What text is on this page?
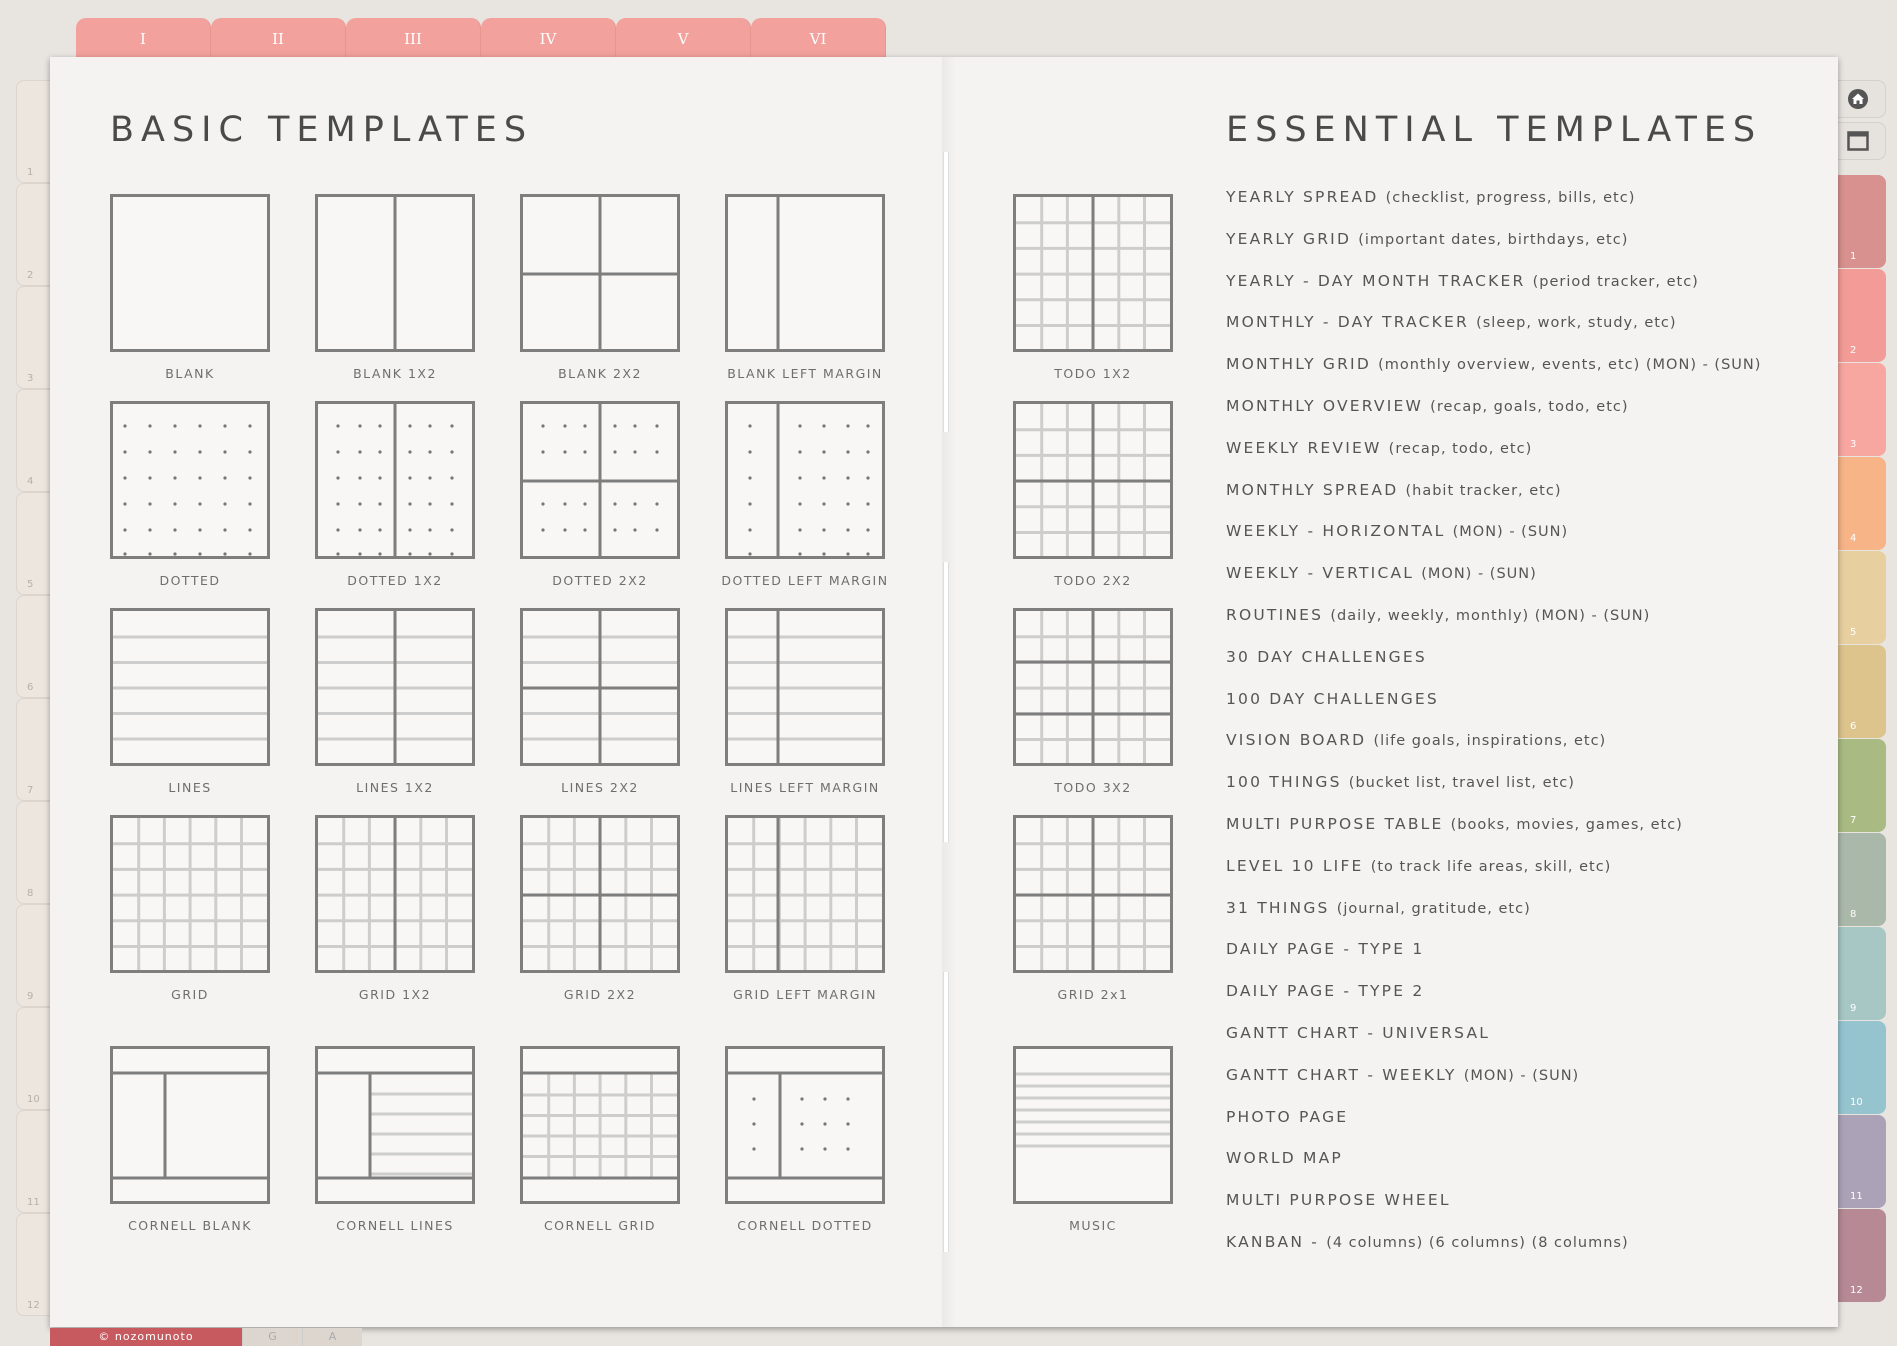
I	II	III	IV	V	VI
1
2
3
4
5
6
7
8
9
10
11
12
1
2
3
4
5
6
7
8
9
10
11
12
BASIC TEMPLATES	ESSENTIAL TEMPLATES
BLANK	BLANK 1X2	BLANK 2X2	BLANK LEFT MARGIN
DOTTED	DOTTED 1X2	DOTTED 2X2	DOTTED LEFT MARGIN
LINES	LINES 1X2	LINES 2X2	LINES LEFT MARGIN
GRID	GRID 1X2	GRID 2X2	GRID LEFT MARGIN
CORNELL BLANK	CORNELL LINES	CORNELL GRID	CORNELL DOTTED
TODO 1X2
TODO 2X2
TODO 3X2
GRID 2x1
MUSIC
YEARLY SPREAD (checklist, progress, bills, etc)
YEARLY GRID (important dates, birthdays, etc)
YEARLY - DAY MONTH TRACKER (period tracker, etc)
MONTHLY - DAY TRACKER (sleep, work, study, etc)
MONTHLY GRID (monthly overview, events, etc) (MON) - (SUN)
MONTHLY OVERVIEW (recap, goals, todo, etc)
WEEKLY REVIEW (recap, todo, etc)
MONTHLY SPREAD (habit tracker, etc)
WEEKLY - HORIZONTAL (MON) - (SUN)
WEEKLY - VERTICAL (MON) - (SUN)
ROUTINES (daily, weekly, monthly) (MON) - (SUN)
30 DAY CHALLENGES
100 DAY CHALLENGES
VISION BOARD (life goals, inspirations, etc)
100 THINGS (bucket list, travel list, etc)
MULTI PURPOSE TABLE (books, movies, games, etc)
LEVEL 10 LIFE (to track life areas, skill, etc)
31 THINGS (journal, gratitude, etc)
DAILY PAGE - TYPE 1
DAILY PAGE - TYPE 2
GANTT CHART - UNIVERSAL
GANTT CHART - WEEKLY (MON) - (SUN)
PHOTO PAGE
WORLD MAP
MULTI PURPOSE WHEEL
KANBAN - (4 columns) (6 columns) (8 columns)
© nozomunoto	G	A
